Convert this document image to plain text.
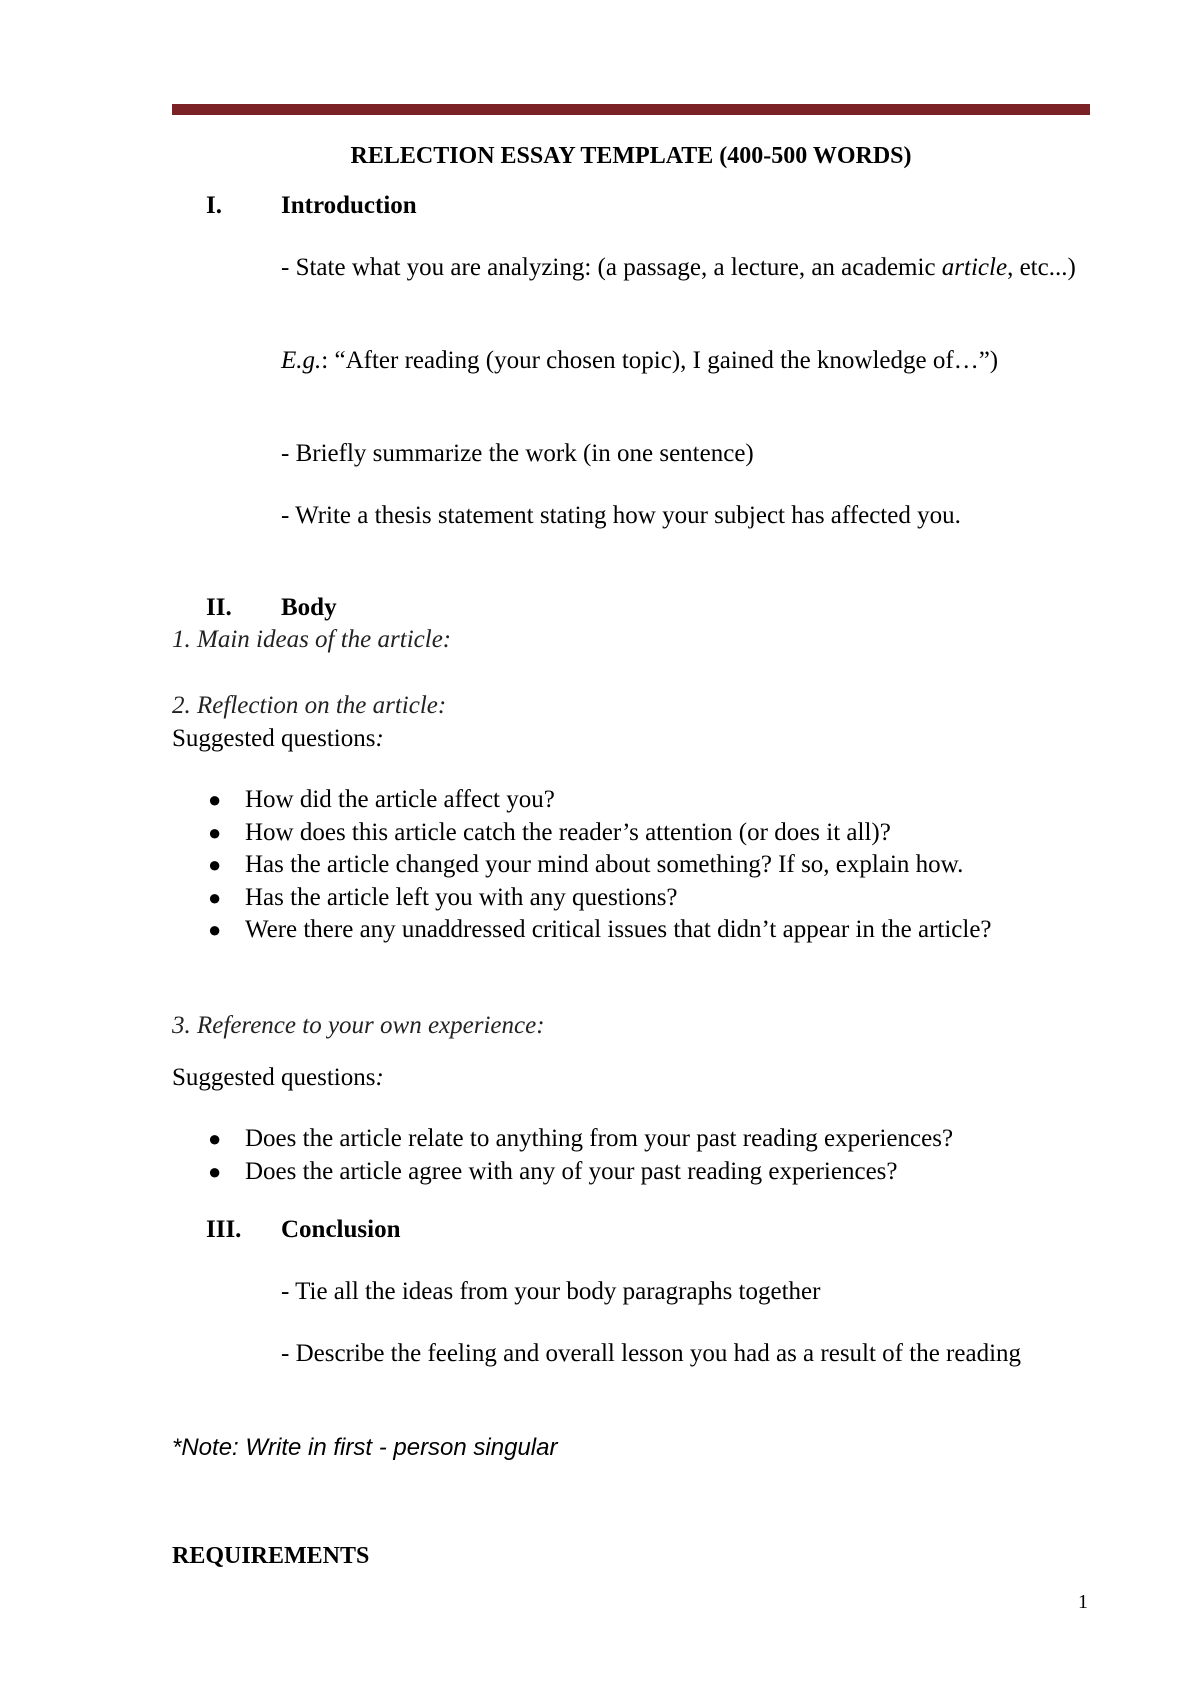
RELECTION ESSAY TEMPLATE (400-500 WORDS)
I. Introduction
- State what you are analyzing: (a passage, a lecture, an academic article, etc...)
E.g.: “After reading (your chosen topic), I gained the knowledge of…”)
- Briefly summarize the work (in one sentence)
- Write a thesis statement stating how your subject has affected you.
II. Body
1. Main ideas of the article:
2. Reflection on the article:
Suggested questions:
● How did the article affect you?
● How does this article catch the reader’s attention (or does it all)?
● Has the article changed your mind about something? If so, explain how.
● Has the article left you with any questions?
● Were there any unaddressed critical issues that didn’t appear in the article?
3. Reference to your own experience:
Suggested questions:
● Does the article relate to anything from your past reading experiences?
● Does the article agree with any of your past reading experiences?
III. Conclusion
- Tie all the ideas from your body paragraphs together
- Describe the feeling and overall lesson you had as a result of the reading
*Note: Write in first - person singular
REQUIREMENTS
1
